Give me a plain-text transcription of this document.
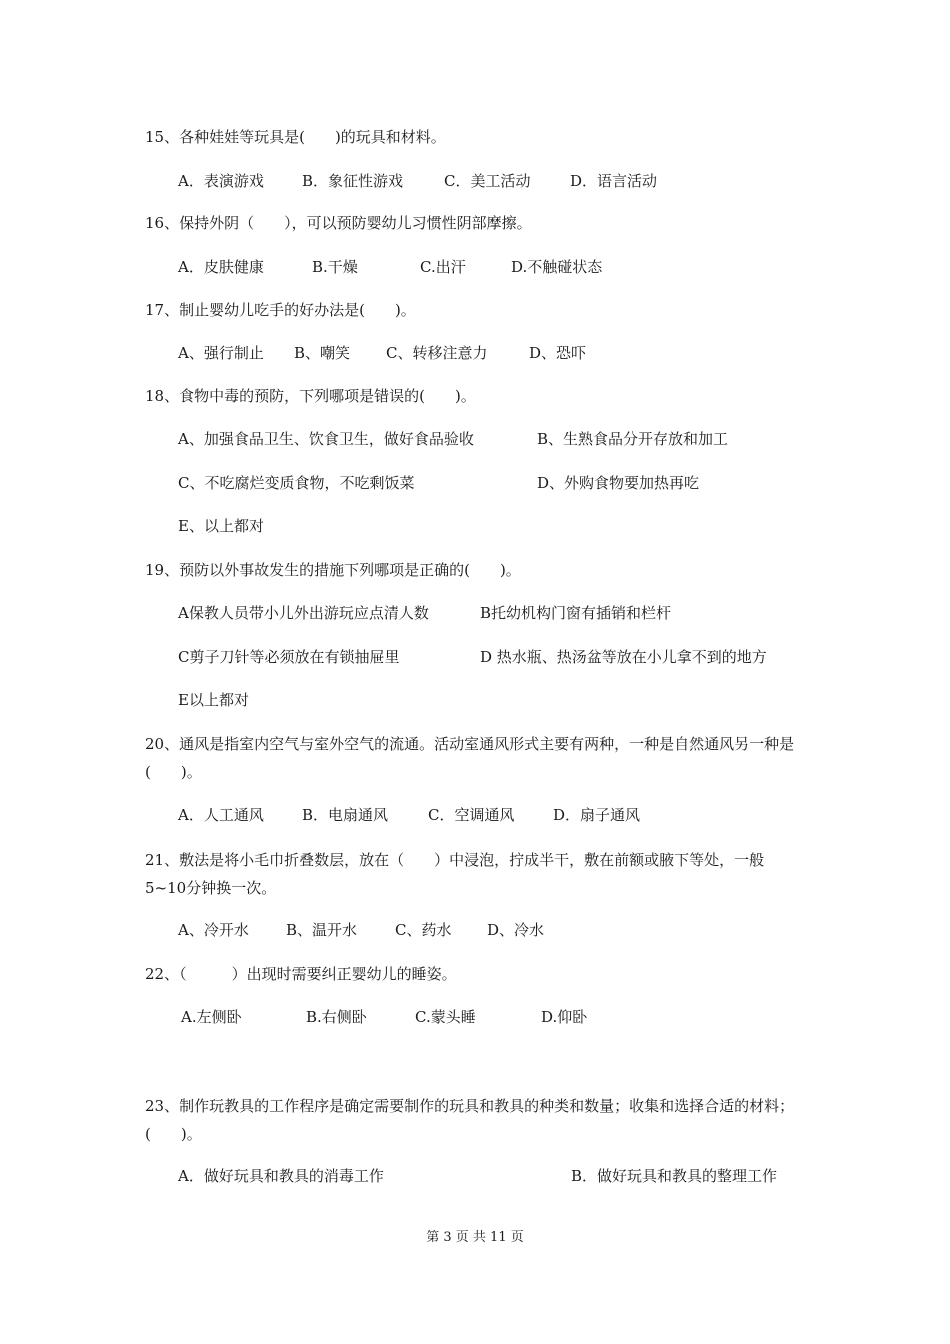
15、各种娃娃等玩具是(　　)的玩具和材料。
A．表演游戏	B．象征性游戏	C．美工活动	D．语言活动
16、保持外阴（　　），可以预防婴幼儿习惯性阴部摩擦。
A．皮肤健康	B.干燥	C.出汗	D.不触碰状态
17、制止婴幼儿吃手的好办法是(　　)。
A、强行制止 B、嘲笑 C、转移注意力	D、恐吓
18、食物中毒的预防，下列哪项是错误的(　　)。
A、加强食品卫生、饮食卫生，做好食品验收	B、生熟食品分开存放和加工
C、不吃腐烂变质食物，不吃剩饭菜	D、外购食物要加热再吃
E、以上都对
19、预防以外事故发生的措施下列哪项是正确的(　　)。
A保教人员带小儿外出游玩应点清人数	B托幼机构门窗有插销和栏杆
C剪子刀针等必须放在有锁抽屉里	D 热水瓶、热汤盆等放在小儿拿不到的地方
E以上都对
20、通风是指室内空气与室外空气的流通。活动室通风形式主要有两种，一种是自然通风另一种是(　　)。
A．人工通风	B．电扇通风	C．空调通风	D．扇子通风
21、敷法是将小毛巾折叠数层，放在（　　）中浸泡，拧成半干，敷在前额或腋下等处，一般5~10分钟换一次。
A、冷开水 B、温开水	C、药水 D、冷水
22、（　　　）出现时需要纠正婴幼儿的睡姿。
A.左侧卧	B.右侧卧	C.蒙头睡	D.仰卧
23、制作玩教具的工作程序是确定需要制作的玩具和教具的种类和数量；收集和选择合适的材料；(　　)。
A．做好玩具和教具的消毒工作	B．做好玩具和教具的整理工作
第 3 页 共 11 页
